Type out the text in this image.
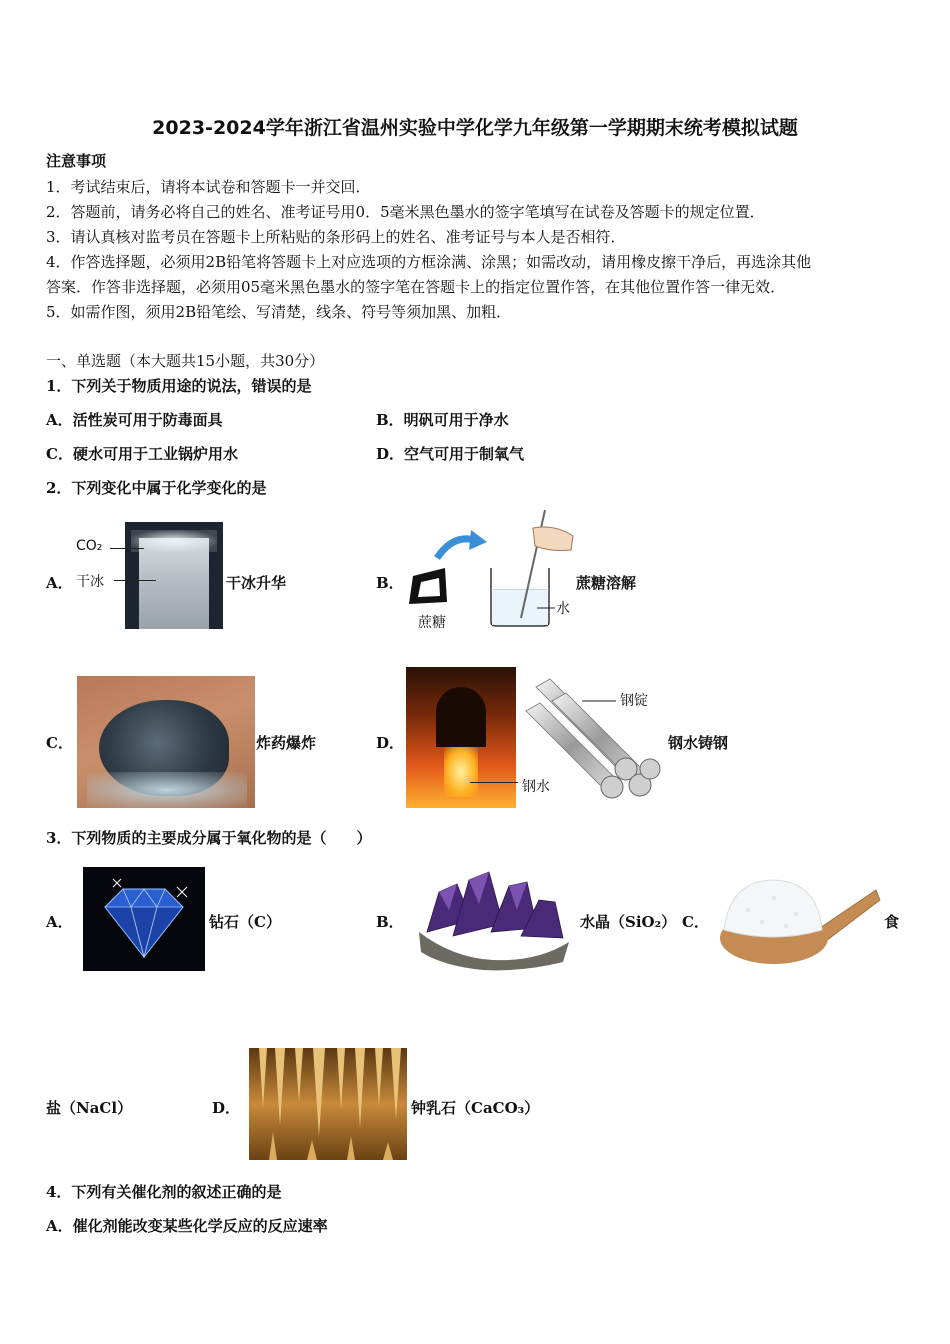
2023-2024学年浙江省温州实验中学化学九年级第一学期期末统考模拟试题
注意事项
1．考试结束后，请将本试卷和答题卡一并交回．
2．答题前，请务必将自己的姓名、准考证号用0．5毫米黑色墨水的签字笔填写在试卷及答题卡的规定位置．
3．请认真核对监考员在答题卡上所粘贴的条形码上的姓名、准考证号与本人是否相符．
4．作答选择题，必须用2B铅笔将答题卡上对应选项的方框涂满、涂黑；如需改动，请用橡皮擦干净后，再选涂其他
答案．作答非选择题，必须用05毫米黑色墨水的签字笔在答题卡上的指定位置作答，在其他位置作答一律无效．
5．如需作图，须用2B铅笔绘、写清楚，线条、符号等须加黑、加粗．
一、单选题（本大题共15小题，共30分）
1．下列关于物质用途的说法，错误的是
A．活性炭可用于防毒面具	B．明矾可用于净水
C．硬水可用于工业锅炉用水	D．空气可用于制氧气
2．下列变化中属于化学变化的是
A．
CO₂
干冰	干冰升华	B．
蔗糖
水
蔗糖溶解
C．	炸药爆炸	D．
钢锭
钢水
钢水铸钢
3．下列物质的主要成分属于氧化物的是（　　）
A．	钻石（C）	B．	水晶（SiO₂） C．	食
盐（NaCl）	D．	钟乳石（CaCO₃）
4．下列有关催化剂的叙述正确的是
A．催化剂能改变某些化学反应的反应速率
